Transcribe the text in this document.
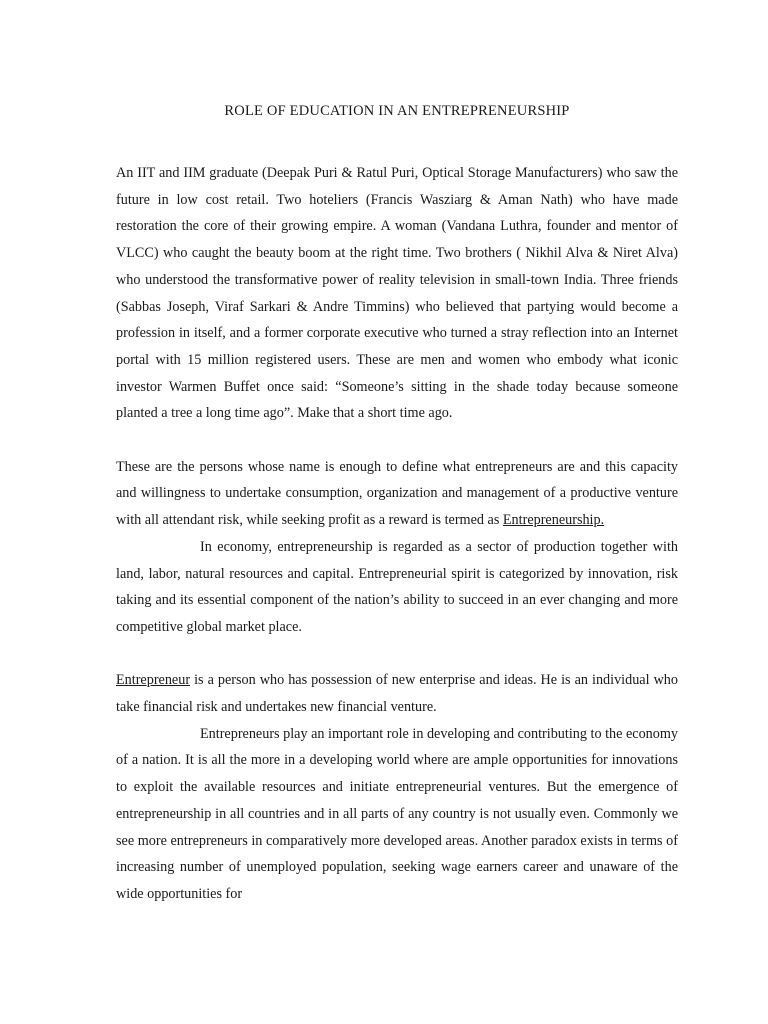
ROLE OF EDUCATION IN AN ENTREPRENEURSHIP

An IIT and IIM graduate (Deepak Puri & Ratul Puri, Optical Storage Manufacturers) who saw the future in low cost retail. Two hoteliers (Francis Wasziarg & Aman Nath) who have made restoration the core of their growing empire. A woman (Vandana Luthra, founder and mentor of VLCC) who caught the beauty boom at the right time. Two brothers ( Nikhil Alva & Niret Alva) who understood the transformative power of reality television in small-town India. Three friends (Sabbas Joseph, Viraf Sarkari & Andre Timmins) who believed that partying would become a profession in itself, and a former corporate executive who turned a stray reflection into an Internet portal with 15 million registered users. These are men and women who embody what iconic investor Warmen Buffet once said: “Someone’s sitting in the shade today because someone planted a tree a long time ago”. Make that a short time ago.

These are the persons whose name is enough to define what entrepreneurs are and this capacity and willingness to undertake consumption, organization and management of a productive venture with all attendant risk, while seeking profit as a reward is termed as Entrepreneurship.

In economy, entrepreneurship is regarded as a sector of production together with land, labor, natural resources and capital. Entrepreneurial spirit is categorized by innovation, risk taking and its essential component of the nation’s ability to succeed in an ever changing and more competitive global market place.

Entrepreneur is a person who has possession of new enterprise and ideas. He is an individual who take financial risk and undertakes new financial venture.

Entrepreneurs play an important role in developing and contributing to the economy of a nation. It is all the more in a developing world where are ample opportunities for innovations to exploit the available resources and initiate entrepreneurial ventures. But the emergence of entrepreneurship in all countries and in all parts of any country is not usually even. Commonly we see more entrepreneurs in comparatively more developed areas. Another paradox exists in terms of increasing number of unemployed population, seeking wage earners career and unaware of the wide opportunities for
